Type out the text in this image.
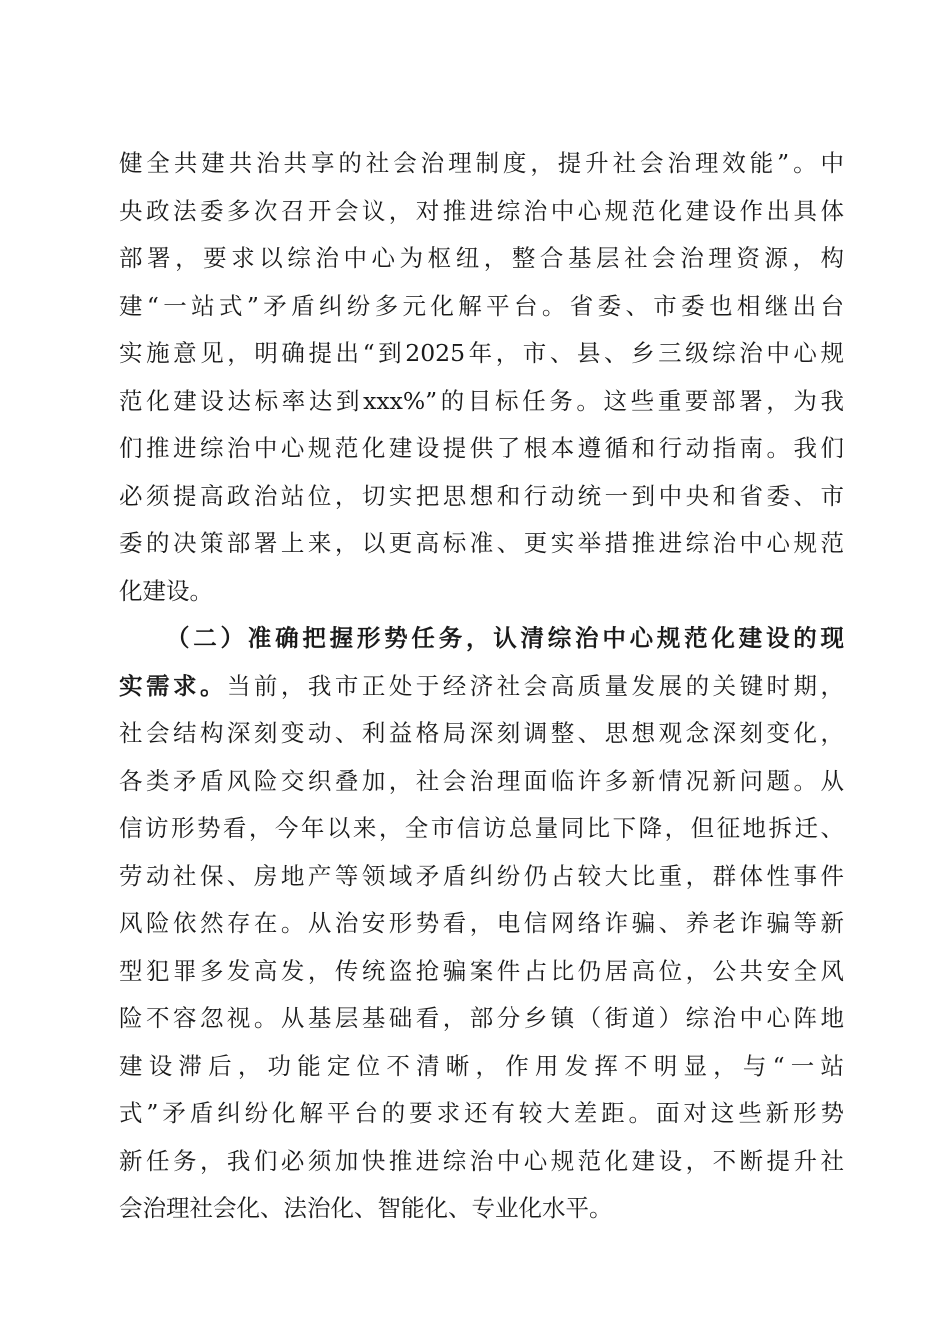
健全共建共治共享的社会治理制度，提升社会治理效能”。中
央政法委多次召开会议，对推进综治中心规范化建设作出具体
部署，要求以综治中心为枢纽，整合基层社会治理资源，构
建“一站式”矛盾纠纷多元化解平台。省委、市委也相继出台
实施意见，明确提出“到2025年，市、县、乡三级综治中心规
范化建设达标率达到xxx%”的目标任务。这些重要部署，为我
们推进综治中心规范化建设提供了根本遵循和行动指南。我们
必须提高政治站位，切实把思想和行动统一到中央和省委、市
委的决策部署上来，以更高标准、更实举措推进综治中心规范
化建设。
（二）准确把握形势任务，认清综治中心规范化建设的现
实需求。当前，我市正处于经济社会高质量发展的关键时期，
社会结构深刻变动、利益格局深刻调整、思想观念深刻变化，
各类矛盾风险交织叠加，社会治理面临许多新情况新问题。从
信访形势看，今年以来，全市信访总量同比下降，但征地拆迁、
劳动社保、房地产等领域矛盾纠纷仍占较大比重，群体性事件
风险依然存在。从治安形势看，电信网络诈骗、养老诈骗等新
型犯罪多发高发，传统盗抢骗案件占比仍居高位，公共安全风
险不容忽视。从基层基础看，部分乡镇（街道）综治中心阵地
建设滞后，功能定位不清晰，作用发挥不明显，与“一站
式”矛盾纠纷化解平台的要求还有较大差距。面对这些新形势
新任务，我们必须加快推进综治中心规范化建设，不断提升社
会治理社会化、法治化、智能化、专业化水平。
